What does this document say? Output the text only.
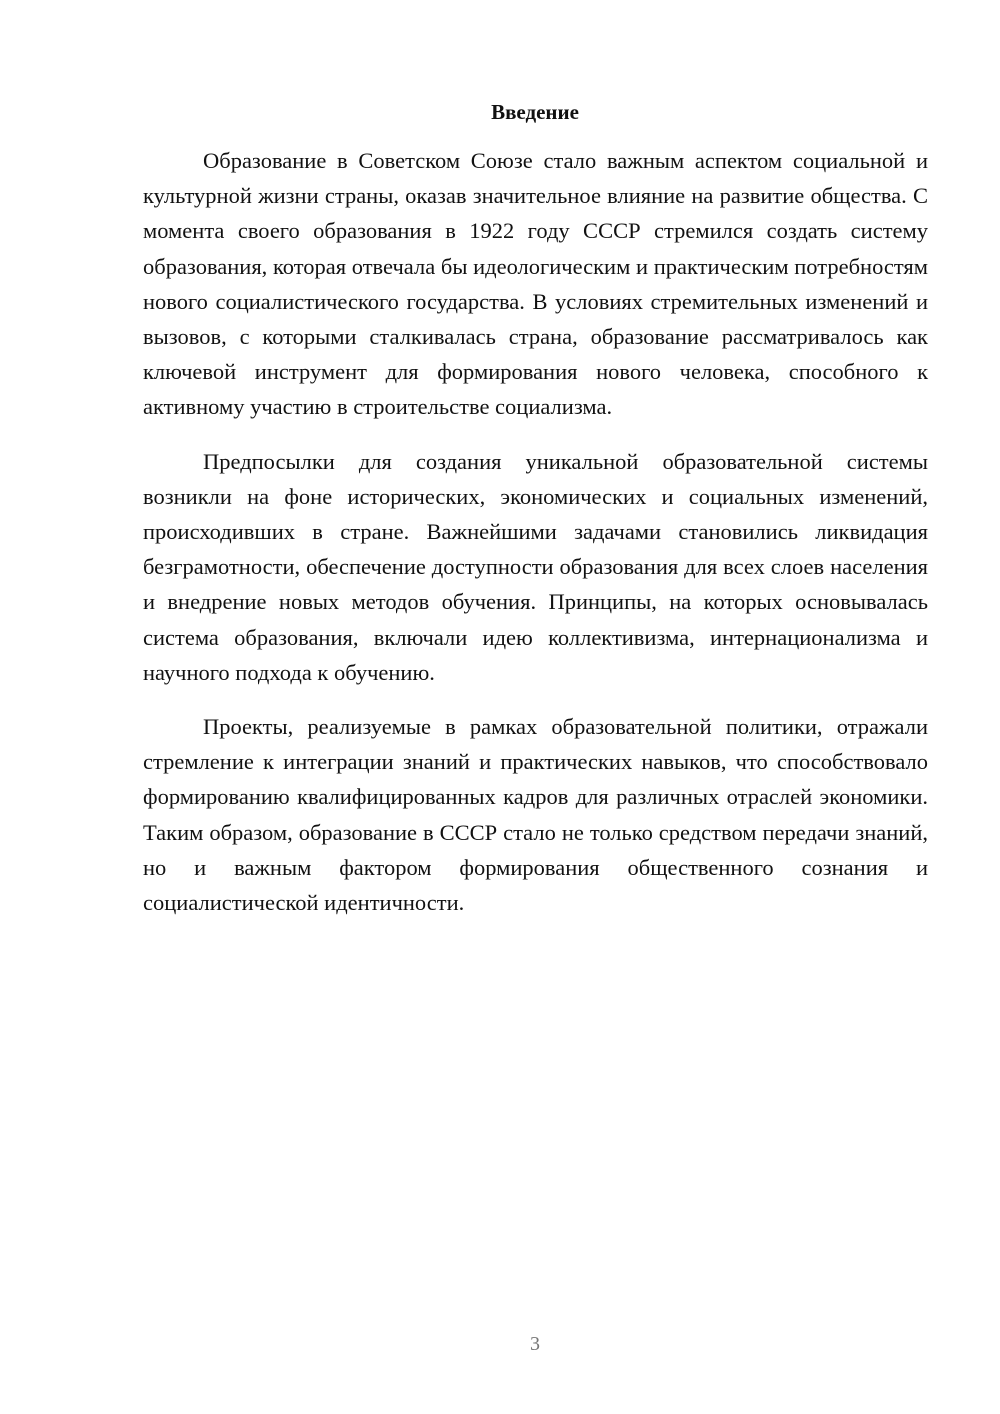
Введение

Образование в Советском Союзе стало важным аспектом социальной и культурной жизни страны, оказав значительное влияние на развитие общества. С момента своего образования в 1922 году СССР стремился создать систему образования, которая отвечала бы идеологическим и практическим потребностям нового социалистического государства. В условиях стремительных изменений и вызовов, с которыми сталкивалась страна, образование рассматривалось как ключевой инструмент для формирования нового человека, способного к активному участию в строительстве социализма.

Предпосылки для создания уникальной образовательной системы возникли на фоне исторических, экономических и социальных изменений, происходивших в стране. Важнейшими задачами становились ликвидация безграмотности, обеспечение доступности образования для всех слоев населения и внедрение новых методов обучения. Принципы, на которых основывалась система образования, включали идею коллективизма, интернационализма и научного подхода к обучению.

Проекты, реализуемые в рамках образовательной политики, отражали стремление к интеграции знаний и практических навыков, что способствовало формированию квалифицированных кадров для различных отраслей экономики. Таким образом, образование в СССР стало не только средством передачи знаний, но и важным фактором формирования общественного сознания и социалистической идентичности.

3
